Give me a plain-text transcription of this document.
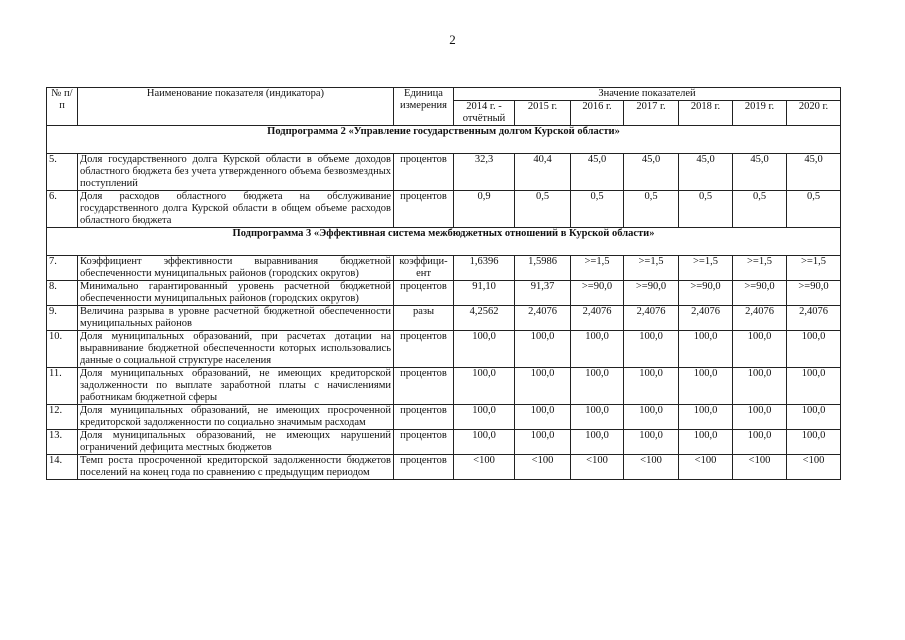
2
№ п/п	Наименование показателя (индикатора)	Единица измерения	Значение показателей						
			2014 г. - отчётный	2015 г.	2016 г.	2017 г.	2018 г.	2019 г.	2020 г.
Подпрограмма 2 «Управление государственным долгом Курской области»									
5.	Доля государственного долга Курской области в объеме доходов областного бюджета без учета утвержденного объема безвозмездных поступлений	процентов	32,3	40,4	45,0	45,0	45,0	45,0	45,0
6.	Доля расходов областного бюджета на обслуживание государственного долга Курской области в общем объеме расходов областного бюджета	процентов	0,9	0,5	0,5	0,5	0,5	0,5	0,5
Подпрограмма 3 «Эффективная система межбюджетных отношений в Курской области»									
7.	Коэффициент эффективности выравнивания бюджетной обеспеченности муниципальных районов (городских округов)	коэффици-ент	1,6396	1,5986	>=1,5	>=1,5	>=1,5	>=1,5	>=1,5
8.	Минимально гарантированный уровень расчетной бюджетной обеспеченности муниципальных районов (городских округов)	процентов	91,10	91,37	>=90,0	>=90,0	>=90,0	>=90,0	>=90,0
9.	Величина разрыва в уровне расчетной бюджетной обеспеченности муниципальных районов	разы	4,2562	2,4076	2,4076	2,4076	2,4076	2,4076	2,4076
10.	Доля муниципальных образований, при расчетах дотации на выравнивание бюджетной обеспеченности которых использовались данные о социальной структуре населения	процентов	100,0	100,0	100,0	100,0	100,0	100,0	100,0
11.	Доля муниципальных образований, не имеющих кредиторской задолженности по выплате заработной платы с начислениями работникам бюджетной сферы	процентов	100,0	100,0	100,0	100,0	100,0	100,0	100,0
12.	Доля муниципальных образований, не имеющих просроченной кредиторской задолженности по социально значимым расходам	процентов	100,0	100,0	100,0	100,0	100,0	100,0	100,0
13.	Доля муниципальных образований, не имеющих нарушений ограничений дефицита местных бюджетов	процентов	100,0	100,0	100,0	100,0	100,0	100,0	100,0
14.	Темп роста просроченной кредиторской задолженности бюджетов поселений на конец года по сравнению с предыдущим периодом	процентов	<100	<100	<100	<100	<100	<100	<100
